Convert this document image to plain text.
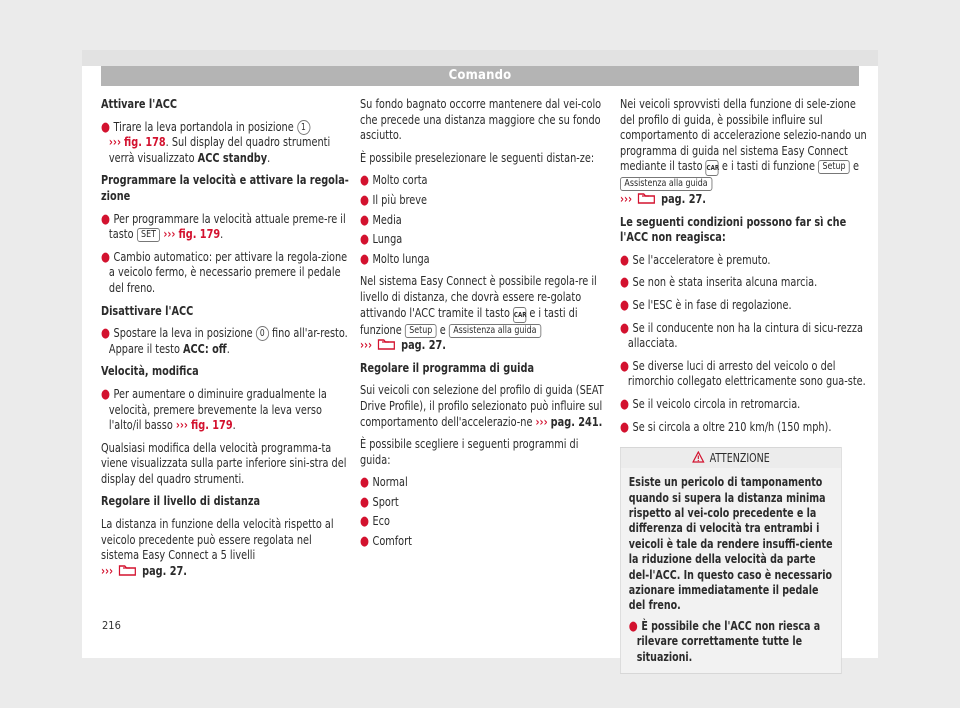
Comando

Attivare l'ACC

● Tirare la leva portandola in posizione 1
››› fig. 178. Sul display del quadro strumenti verrà visualizzato ACC standby.

Programmare la velocità e attivare la regola-zione

● Per programmare la velocità attuale preme-re il tasto SET ››› fig. 179.

● Cambio automatico: per attivare la regola-zione a veicolo fermo, è necessario premere il pedale del freno.

Disattivare l'ACC

● Spostare la leva in posizione 0 fino all'ar-resto. Appare il testo ACC: off.

Velocità, modifica

● Per aumentare o diminuire gradualmente la velocità, premere brevemente la leva verso l'alto/il basso ››› fig. 179.

Qualsiasi modifica della velocità programma-ta viene visualizzata sulla parte inferiore sini-stra del display del quadro strumenti.

Regolare il livello di distanza

La distanza in funzione della velocità rispetto al veicolo precedente può essere regolata nel sistema Easy Connect a 5 livelli
››› pag. 27.

Su fondo bagnato occorre mantenere dal vei-colo che precede una distanza maggiore che su fondo asciutto.

È possibile preselezionare le seguenti distan-ze:

● Molto corta

● Il più breve

● Media

● Lunga

● Molto lunga

Nel sistema Easy Connect è possibile regola-re il livello di distanza, che dovrà essere re-golato attivando l'ACC tramite il tasto CAR e i tasti di funzione Setup e Assistenza alla guida
››› pag. 27.

Regolare il programma di guida

Sui veicoli con selezione del profilo di guida (SEAT Drive Profile), il profilo selezionato può influire sul comportamento dell'accelerazio-ne ››› pag. 241.

È possibile scegliere i seguenti programmi di guida:

● Normal

● Sport

● Eco

● Comfort

Nei veicoli sprovvisti della funzione di sele-zione del profilo di guida, è possibile influire sul comportamento di accelerazione selezio-nando un programma di guida nel sistema Easy Connect mediante il tasto CAR e i tasti di funzione Setup e Assistenza alla guida
››› pag. 27.

Le seguenti condizioni possono far sì che l'ACC non reagisca:

● Se l'acceleratore è premuto.

● Se non è stata inserita alcuna marcia.

● Se l'ESC è in fase di regolazione.

● Se il conducente non ha la cintura di sicu-rezza allacciata.

● Se diverse luci di arresto del veicolo o del rimorchio collegato elettricamente sono gua-ste.

● Se il veicolo circola in retromarcia.

● Se si circola a oltre 210 km/h (150 mph).

ATTENZIONE

Esiste un pericolo di tamponamento quando si supera la distanza minima rispetto al vei-colo precedente e la differenza di velocità tra entrambi i veicoli è tale da rendere insuffi-ciente la riduzione della velocità da parte del-l'ACC. In questo caso è necessario azionare immediatamente il pedale del freno.

● È possibile che l'ACC non riesca a rilevare correttamente tutte le situazioni.

216
